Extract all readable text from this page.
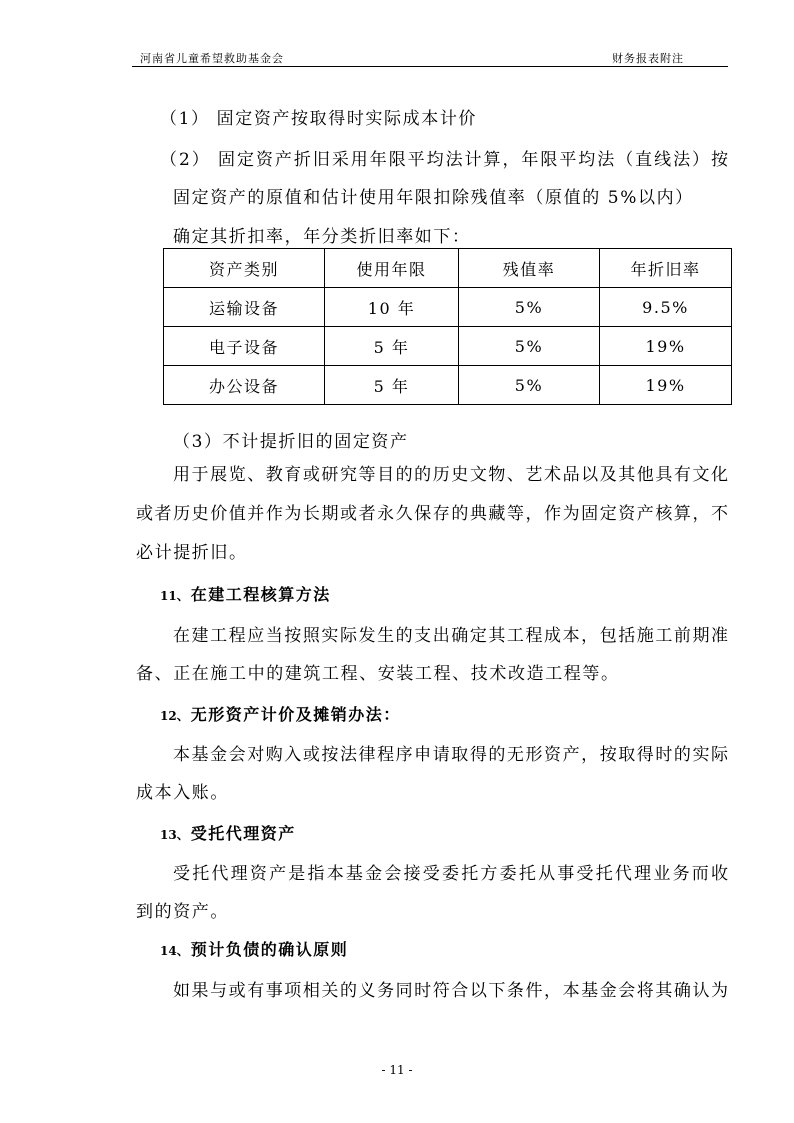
河南省儿童希望救助基金会	财务报表附注
（1） 固定资产按取得时实际成本计价
（2） 固定资产折旧采用年限平均法计算，年限平均法（直线法）按
固定资产的原值和估计使用年限扣除残值率（原值的 5%以内）
确定其折扣率，年分类折旧率如下：
资产类别	使用年限	残值率	年折旧率
运输设备	10 年	5%	9.5%
电子设备	5 年	5%	19%
办公设备	5 年	5%	19%
（3）不计提折旧的固定资产
用于展览、教育或研究等目的的历史文物、艺术品以及其他具有文化
或者历史价值并作为长期或者永久保存的典藏等，作为固定资产核算，不
必计提折旧。
11、 在建工程核算方法
在建工程应当按照实际发生的支出确定其工程成本，包括施工前期准
备、正在施工中的建筑工程、安装工程、技术改造工程等。
12、 无形资产计价及摊销办法：
本基金会对购入或按法律程序申请取得的无形资产，按取得时的实际
成本入账。
13、 受托代理资产
受托代理资产是指本基金会接受委托方委托从事受托代理业务而收
到的资产。
14、 预计负债的确认原则
如果与或有事项相关的义务同时符合以下条件，本基金会将其确认为
- 11 -
